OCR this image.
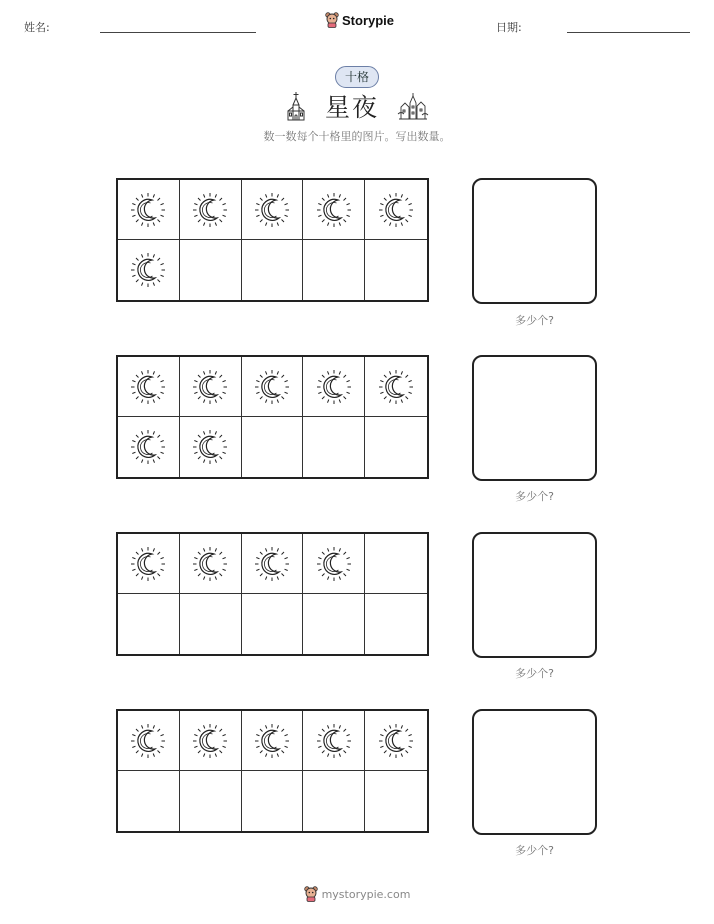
姓名:	Storypie	日期:
十格
星夜
数一数每个十格里的图片。写出数量。
多少个?
多少个?
多少个?
多少个?
mystorypie.com
